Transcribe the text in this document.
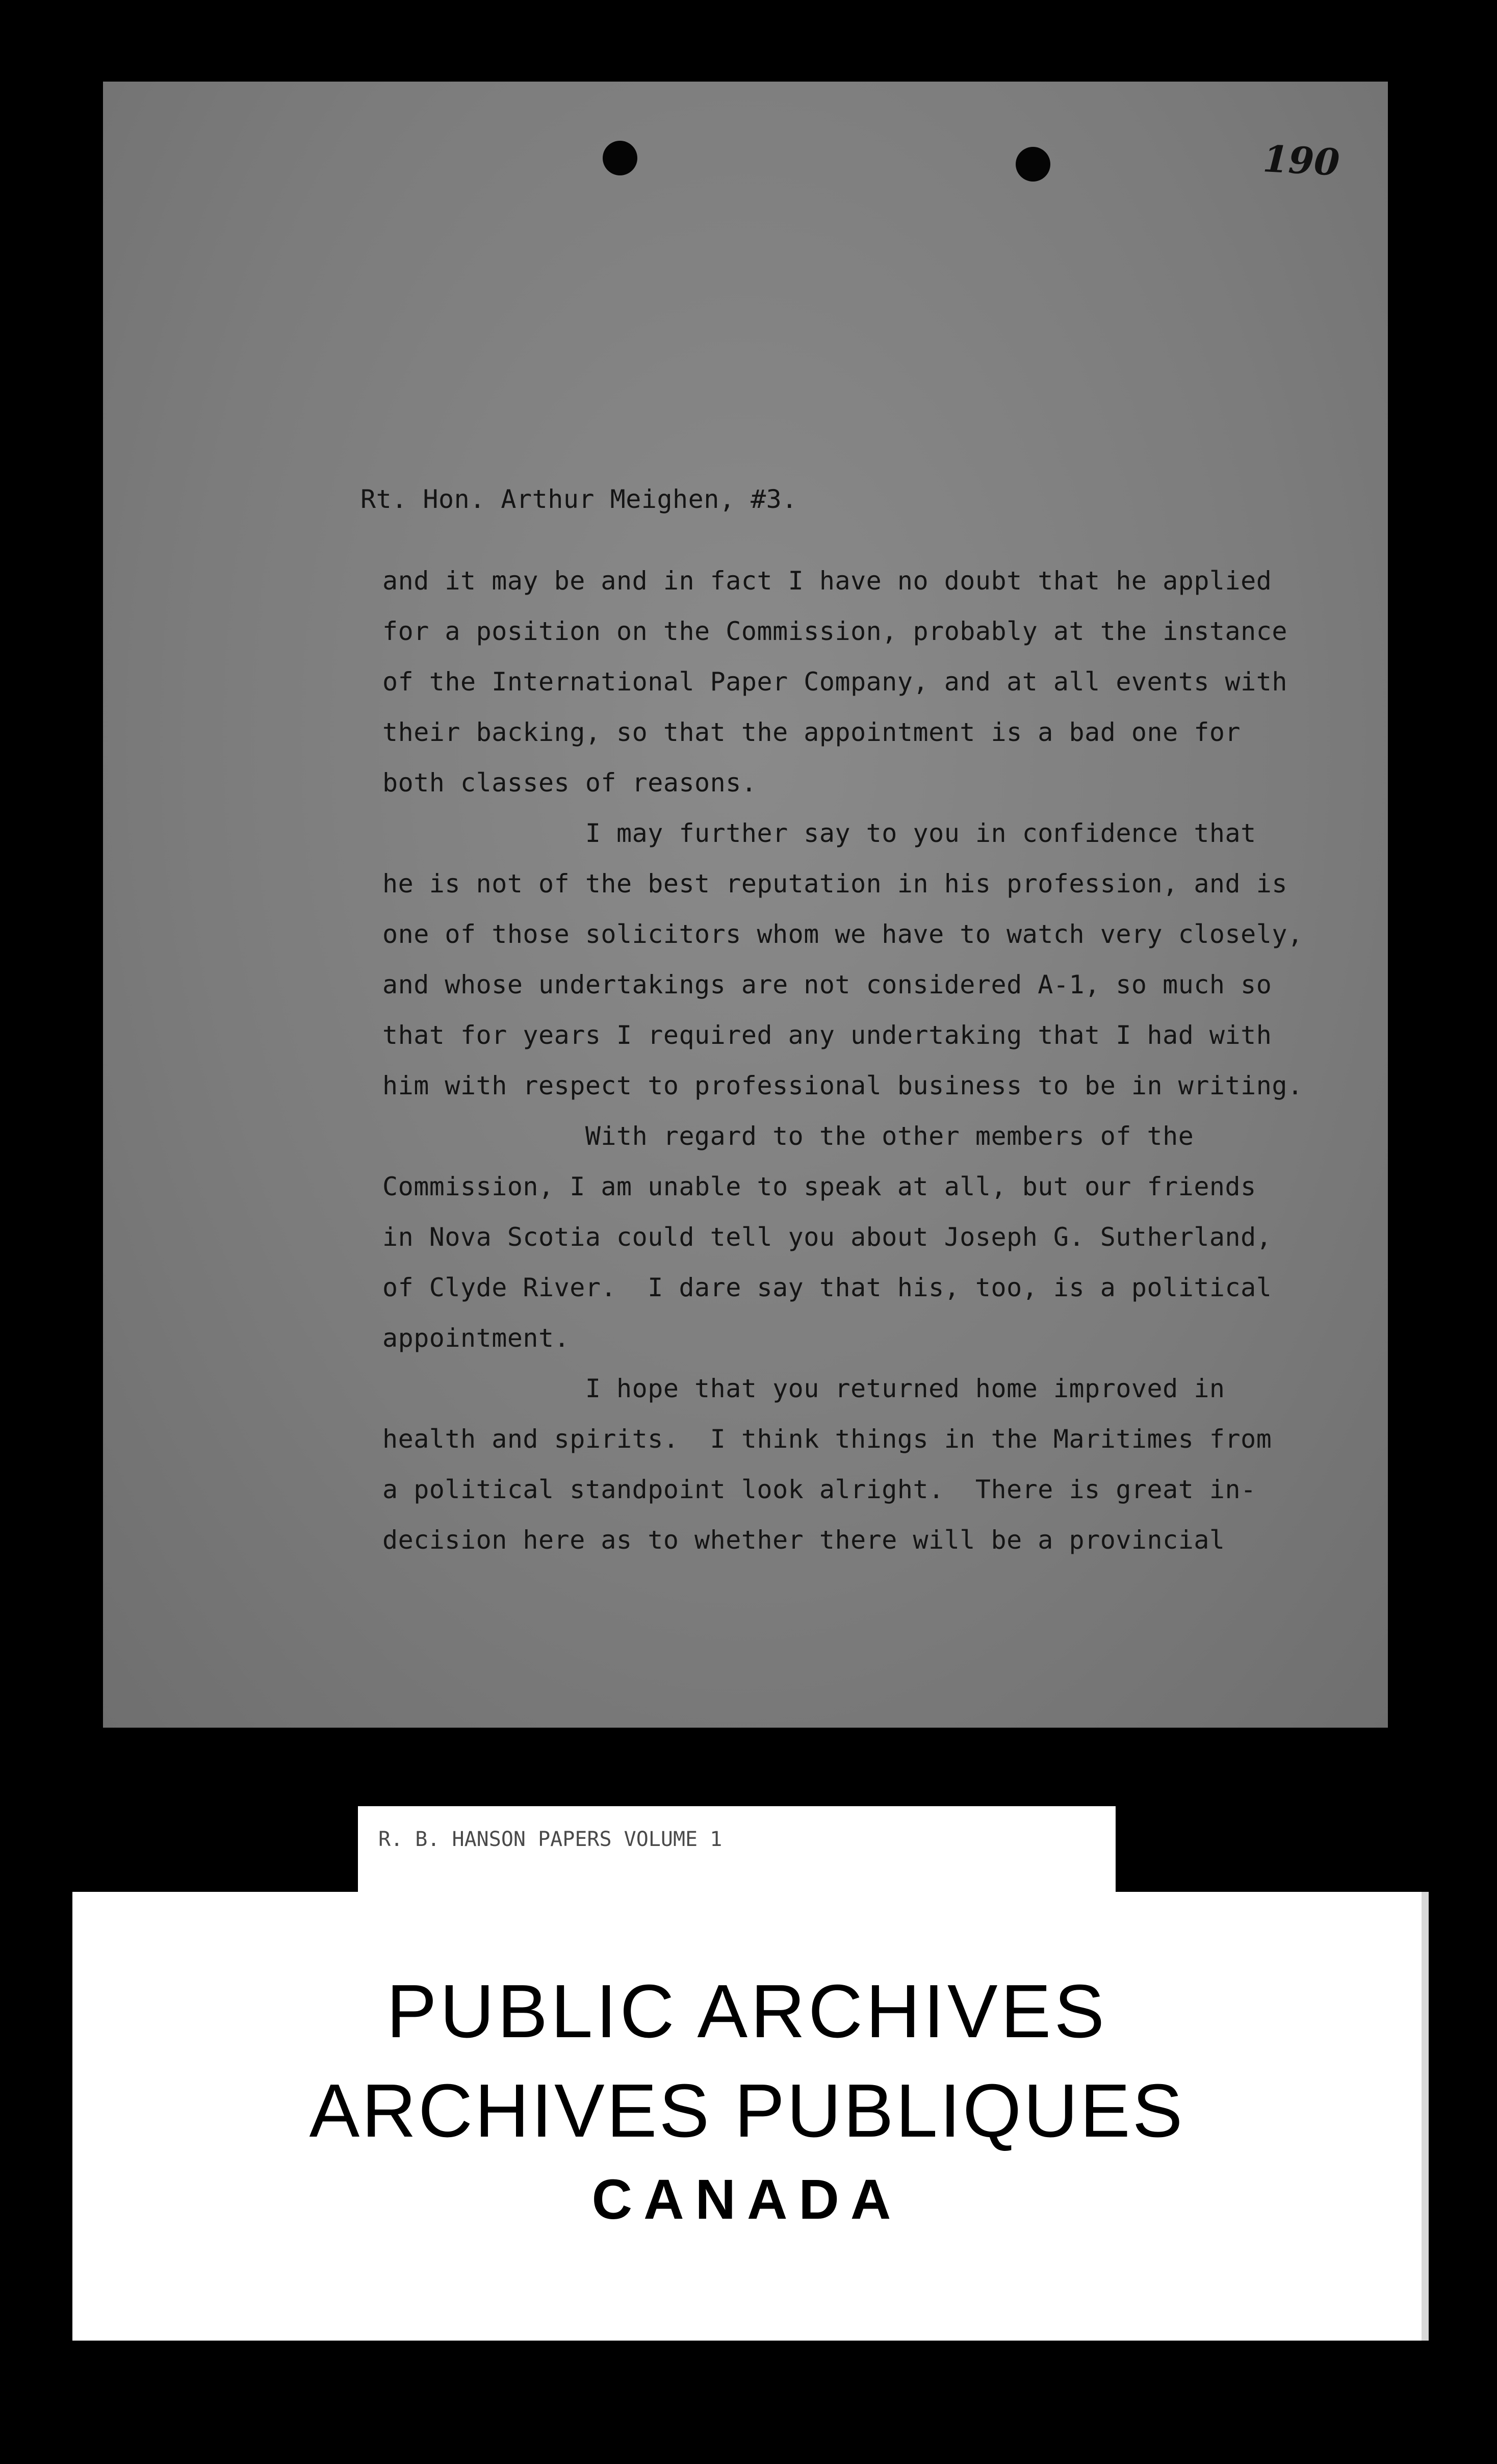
190
Rt. Hon. Arthur Meighen, #3.
and it may be and in fact I have no doubt that he applied
for a position on the Commission, probably at the instance
of the International Paper Company, and at all events with
their backing, so that the appointment is a bad one for
both classes of reasons.
I may further say to you in confidence that
he is not of the best reputation in his profession, and is
one of those solicitors whom we have to watch very closely,
and whose undertakings are not considered A-1, so much so
that for years I required any undertaking that I had with
him with respect to professional business to be in writing.
With regard to the other members of the
Commission, I am unable to speak at all, but our friends
in Nova Scotia could tell you about Joseph G. Sutherland,
of Clyde River.  I dare say that his, too, is a political
appointment.
I hope that you returned home improved in
health and spirits.  I think things in the Maritimes from
a political standpoint look alright.  There is great in-
decision here as to whether there will be a provincial
R. B. HANSON PAPERS VOLUME 1
PUBLIC ARCHIVES
ARCHIVES PUBLIQUES
CANADA
